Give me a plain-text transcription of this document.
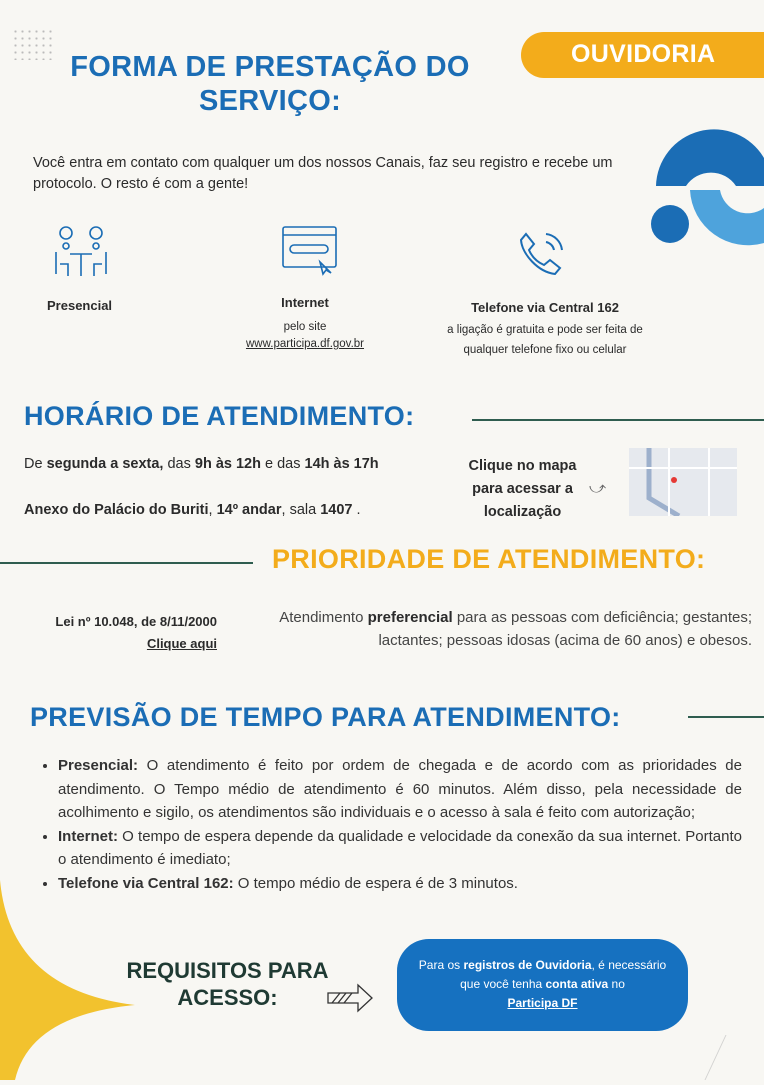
OUVIDORIA
FORMA DE PRESTAÇÃO DO
SERVIÇO:
Você entra em contato com qualquer um dos nossos Canais, faz seu registro e recebe um protocolo. O resto é com a gente!
Presencial	Internet
pelo site
www.participa.df.gov.br
Telefone via Central 162
a ligação é gratuita e pode ser feita de
qualquer telefone fixo ou celular
HORÁRIO DE ATENDIMENTO:
De segunda a sexta, das 9h às 12h e das 14h às 17h
Anexo do Palácio do Buriti, 14º andar, sala 1407 .
Clique no mapa
para acessar a
localização
⤻
PRIORIDADE DE ATENDIMENTO:
Lei nº 10.048, de 8/11/2000
Clique aqui
Atendimento preferencial para as pessoas com deficiência; gestantes; lactantes; pessoas idosas (acima de 60 anos) e obesos.
PREVISÃO DE TEMPO PARA ATENDIMENTO:
• Presencial: O atendimento é feito por ordem de chegada e de acordo com as prioridades de atendimento. O Tempo médio de atendimento é 60 minutos. Além disso, pela necessidade de acolhimento e sigilo, os atendimentos são individuais e o acesso à sala é feito com autorização;
• Internet: O tempo de espera depende da qualidade e velocidade da conexão da sua internet. Portanto o atendimento é imediato;
• Telefone via Central 162: O tempo médio de espera é de 3 minutos.
REQUISITOS PARA
ACESSO:
Para os registros de Ouvidoria, é necessário que você tenha conta ativa no
Participa DF
